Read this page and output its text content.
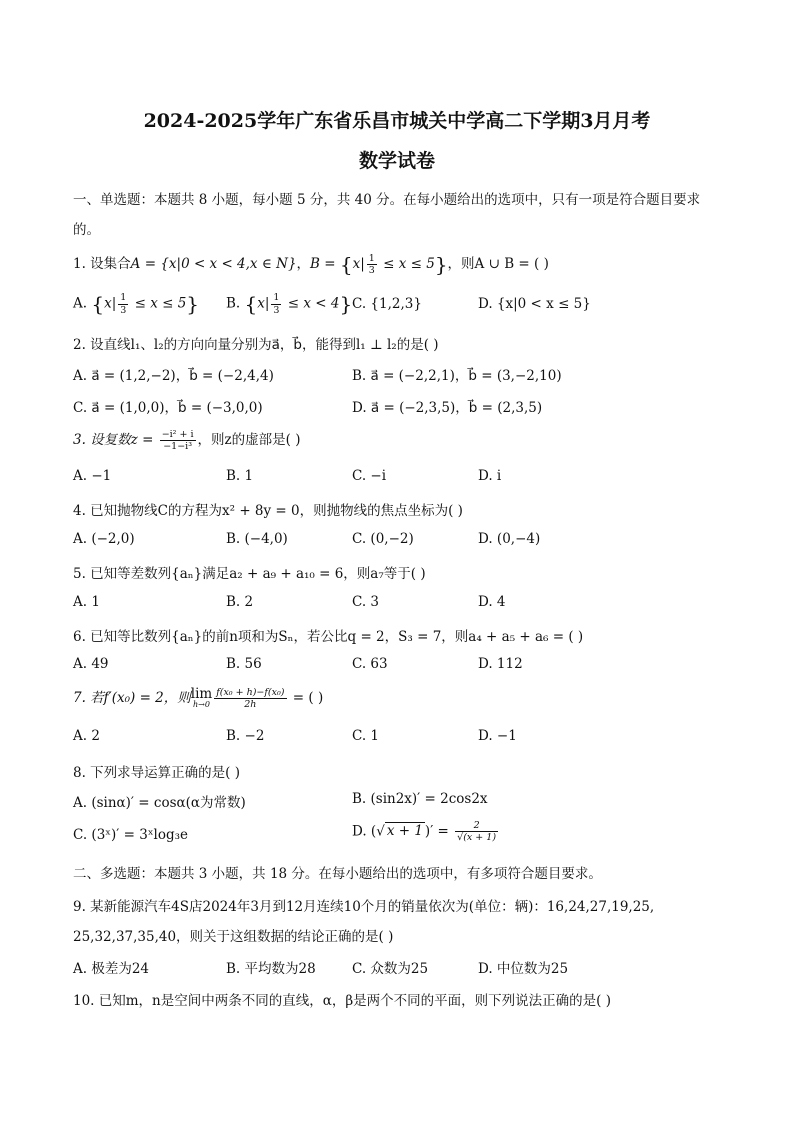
2024-2025学年广东省乐昌市城关中学高二下学期3月月考
数学试卷
一、单选题：本题共 8 小题，每小题 5 分，共 40 分。在每小题给出的选项中，只有一项是符合题目要求
的。
1. 设集合A = {x|0 < x < 4,x ∈ N}，$B = \{x| \frac{1}{3} \le x \le 5\}$，则A ∪ B = ( )
A. $\{x| \frac{1}{3} \le x \le 5\}$ B. $\{x| \frac{1}{3} \le x < 4\}$ C. {1,2,3}	D. {x|0 < x ≤ 5}
2. 设直线l₁、l₂的方向向量分别为a⃗，b⃗，能得到l₁ ⊥ l₂的是( )
A. a⃗ = (1,2,−2)，b⃗ = (−2,4,4)	B. a⃗ = (−2,2,1)，b⃗ = (3,−2,10)
C. a⃗ = (1,0,0)，b⃗ = (−3,0,0)	D. a⃗ = (−2,3,5)，b⃗ = (2,3,5)
3. 设复数$z = \frac{\text{−i² + i}}{\text{−1−i³}}$ ，则z的虚部是( )
A. −1	B. 1	C. −i	D. i
4. 已知抛物线C的方程为x² + 8y = 0，则抛物线的焦点坐标为( )
A. (−2,0)	B. (−4,0)	C. (0,−2)	D. (0,−4)
5. 已知等差数列{aₙ}满足a₂ + a₉ + a₁₀ = 6，则a₇等于( )
A. 1	B. 2	C. 3	D. 4
6. 已知等比数列{aₙ}的前n项和为Sₙ，若公比q = 2，S₃ = 7，则a₄ + a₅ + a₆ = ( )
A. 49	B. 56	C. 63	D. 112
7. 若f′(x₀) = 2，则 lim
$h\to 0 \frac{\text{f(x₀ + h)−f(x₀)}}{2h}$ = ( )
A. 2	B. −2	C. 1	D. −1
8. 下列求导运算正确的是( )
A. (sinα)′ = cosα(α为常数)	B. (sin2x)′ = 2cos2x
C. (3ˣ)′ = 3ˣlog₃e	D. (√ x + 1 )′ = $\frac{2}{√(x + 1)}$
二、多选题：本题共 3 小题，共 18 分。在每小题给出的选项中，有多项符合题目要求。
9. 某新能源汽车4S店2024年3月到12月连续10个月的销量依次为(单位：辆)：16,24,27,19,25,
25,32,37,35,40，则关于这组数据的结论正确的是( )
A. 极差为24	B. 平均数为28	C. 众数为25	D. 中位数为25
10. 已知m，n是空间中两条不同的直线，α，β是两个不同的平面，则下列说法正确的是( )
